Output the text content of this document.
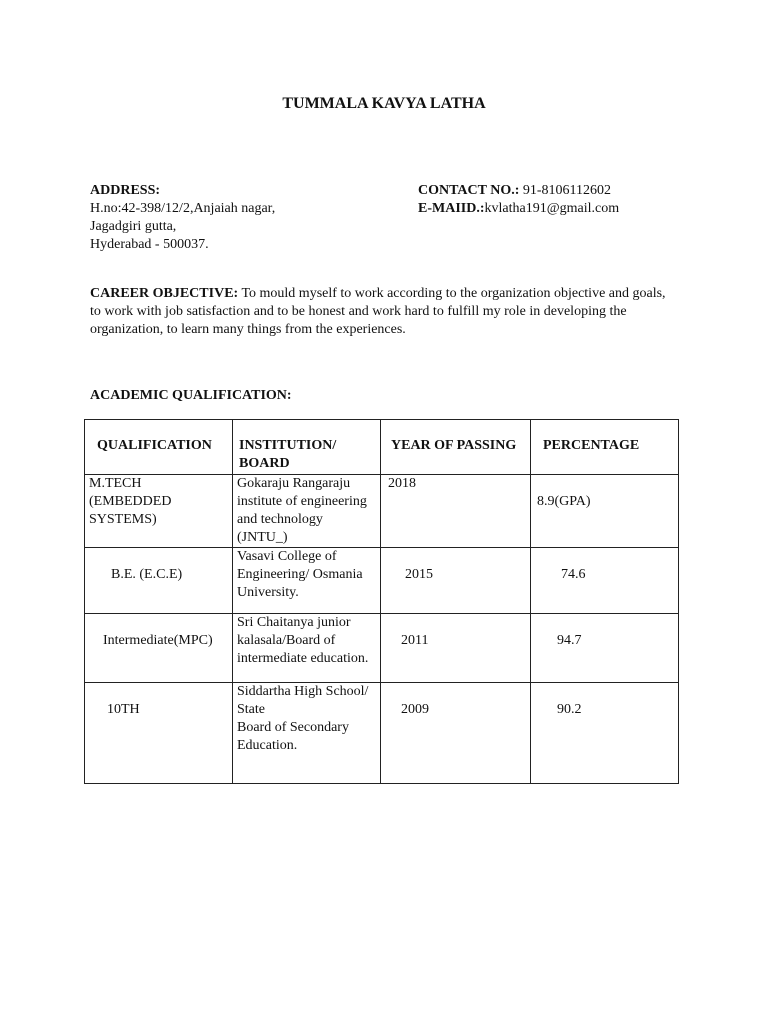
TUMMALA KAVYA LATHA
ADDRESS:
H.no:42-398/12/2,Anjaiah nagar,
Jagadgiri gutta,
Hyderabad - 500037.
CONTACT NO.: 91-8106112602
E-MAIID.:kvlatha191@gmail.com
CAREER OBJECTIVE: To mould myself to work according to the organization objective and goals, to work with job satisfaction and to be honest and work hard to fulfill my role in developing the organization, to learn many things from the experiences.
ACADEMIC QUALIFICATION:
QUALIFICATION	INSTITUTION/ BOARD	YEAR OF PASSING	PERCENTAGE

M.TECH
(EMBEDDED
SYSTEMS)	Gokaraju Rangaraju
institute of engineering
and technology
(JNTU_)	2018	8.9(GPA)

B.E. (E.C.E)	Vasavi College of
Engineering/ Osmania
University.	2015	74.6

Intermediate(MPC)	Sri Chaitanya junior
kalasala/Board of
intermediate education.	2011	94.7

10TH	Siddartha High School/
State
Board of Secondary
Education.	2009	90.2
